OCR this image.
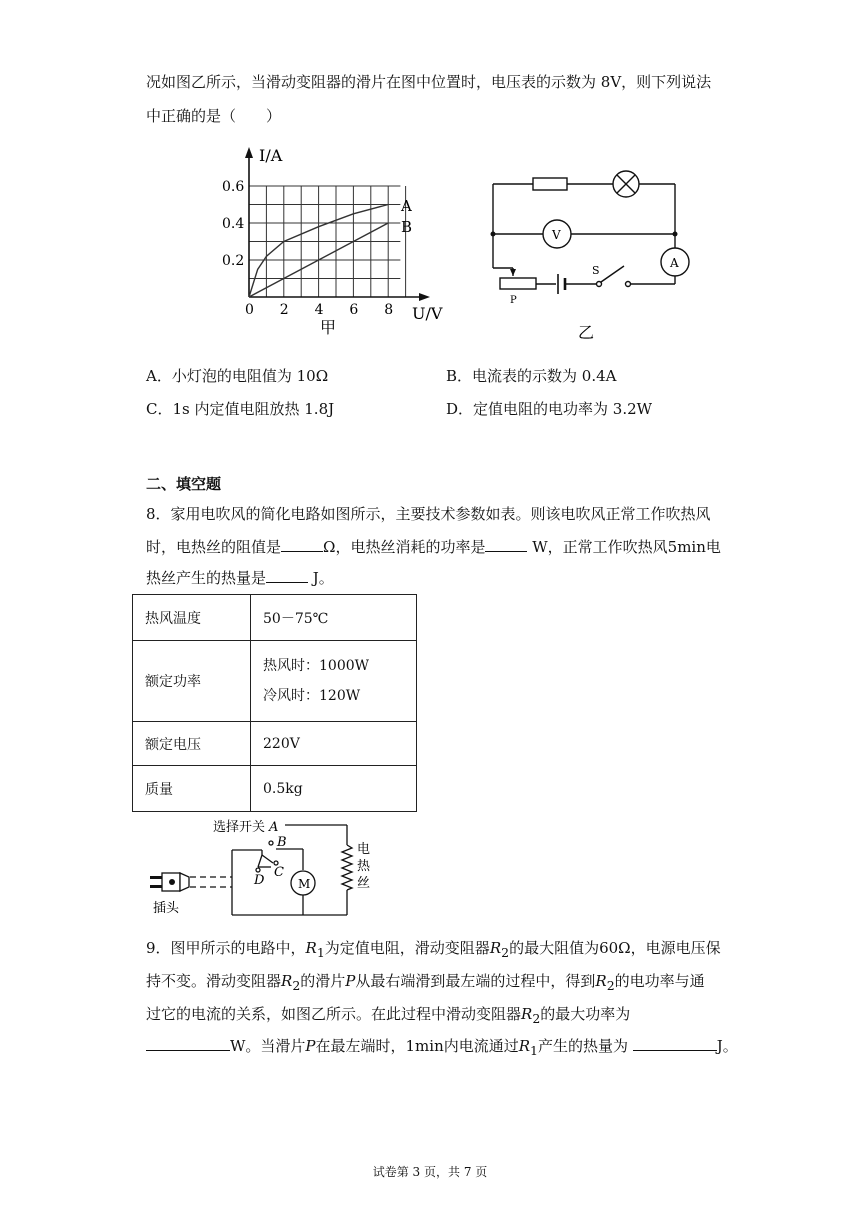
况如图乙所示，当滑动变阻器的滑片在图中位置时，电压表的示数为 8V，则下列说法
中正确的是（　　）
I/A
U/V
0.6
0.4
0.2
0 2 4 6 8
A
B
甲
V
A
S
P
乙
A．小灯泡的电阻值为 10Ω	B．电流表的示数为 0.4A
C．1s 内定值电阻放热 1.8J	D．定值电阻的电功率为 3.2W
二、填空题
8．家用电吹风的简化电路如图所示，主要技术参数如表。则该电吹风正常工作吹热风
时，电热丝的阻值是	Ω，电热丝消耗的功率是	W，正常工作吹热风5min电
热丝产生的热量是	J。
热风温度	50－75℃
额定功率	热风时：1000W
冷风时：120W

额定电压	220V
质量	0.5kg
选择开关 A
B
C
D	M
电
热
丝
插头
9．图甲所示的电路中，$R_1$为定值电阻，滑动变阻器$R_2$的最大阻值为60Ω，电源电压保
持不变。滑动变阻器$R_2$的滑片P从最右端滑到最左端的过程中，得到$R_2$的电功率与通
过它的电流的关系，如图乙所示。在此过程中滑动变阻器$R_2$的最大功率为
W。当滑片P在最左端时，1min内电流通过$R_1$产生的热量为	J。
试卷第 3 页，共 7 页
